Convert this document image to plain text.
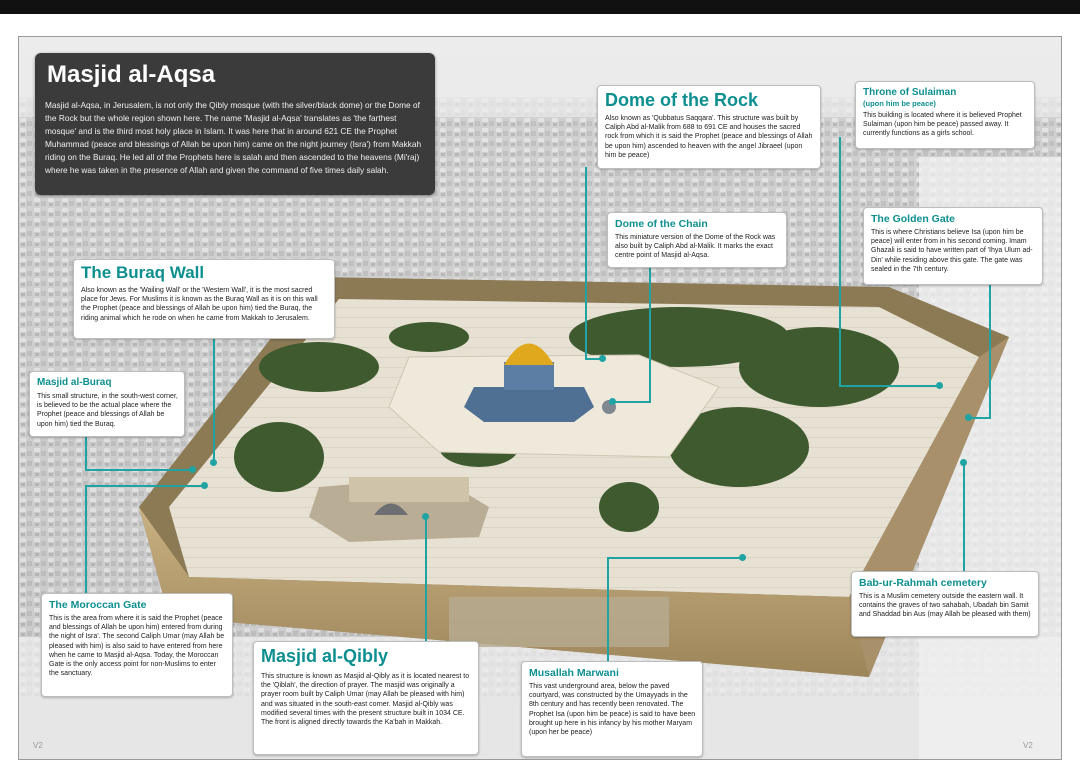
Masjid al-Aqsa

Masjid al-Aqsa, in Jerusalem, is not only the Qibly mosque (with the silver/black dome) or the Dome of the Rock but the whole region shown here. The name 'Masjid al-Aqsa' translates as 'the farthest mosque' and is the third most holy place in Islam. It was here that in around 621 CE the Prophet Muhammad (peace and blessings of Allah be upon him) came on the night journey (Isra') from Makkah riding on the Buraq. He led all of the Prophets here is salah and then ascended to the heavens (Mi'raj) where he was taken in the presence of Allah and given the command of five times daily salah.

Dome of the Rock
Also known as 'Qubbatus Saqqara'. This structure was built by Caliph Abd al-Malik from 688 to 691 CE and houses the sacred rock from which it is said the Prophet (peace and blessings of Allah be upon him) ascended to heaven with the angel Jibraeel (upon him be peace)
Throne of Sulaiman
(upon him be peace)
This building is located where it is believed Prophet Sulaiman (upon him be peace) passed away. It currently functions as a girls school.
Dome of the Chain
This miniature version of the Dome of the Rock was also built by Caliph Abd al-Malik. It marks the exact centre point of Masjid al-Aqsa.
The Golden Gate
This is where Christians believe Isa (upon him be peace) will enter from in his second coming. Imam Ghazali is said to have written part of 'Ihya Ulum ad-Din' while residing above this gate. The gate was sealed in the 7th century.
The Buraq Wall
Also known as the 'Wailing Wall' or the 'Western Wall', it is the most sacred place for Jews. For Muslims it is known as the Buraq Wall as it is on this wall the Prophet (peace and blessings of Allah be upon him) tied the Buraq, the riding animal which he rode on when he came from Makkah to Jerusalem.
Masjid al-Buraq
This small structure, in the south-west corner, is believed to be the actual place where the Prophet (peace and blessings of Allah be upon him) tied the Buraq.
The Moroccan Gate
This is the area from where it is said the Prophet (peace and blessings of Allah be upon him) entered from during the night of Isra'. The second Caliph Umar (may Allah be pleased with him) is also said to have entered from here when he came to Masjid al-Aqsa. Today, the Moroccan Gate is the only access point for non-Muslims to enter the sanctuary.
Masjid al-Qibly
This structure is known as Masjid al-Qibly as it is located nearest to the 'Qiblah', the direction of prayer. The masjid was originally a prayer room built by Caliph Umar (may Allah be pleased with him) and was situated in the south-east corner. Masjid al-Qibly was modified several times with the present structure built in 1034 CE. The front is aligned directly towards the Ka'bah in Makkah.
Musallah Marwani
This vast underground area, below the paved courtyard, was constructed by the Umayyads in the 8th century and has recently been renovated. The Prophet Isa (upon him be peace) is said to have been brought up here in his infancy by his mother Maryam (upon her be peace)
Bab-ur-Rahmah cemetery
This is a Muslim cemetery outside the eastern wall. It contains the graves of two sahabah, Ubadah bin Samit and Shaddad bin Aus (may Allah be pleased with them)
V2	V2
